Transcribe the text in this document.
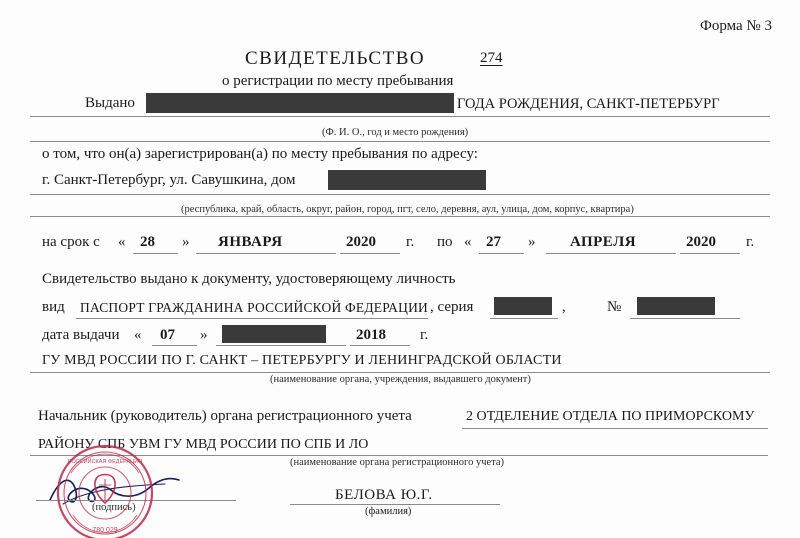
Форма № 3
СВИДЕТЕЛЬСТВО	274
о регистрации по месту пребывания
Выдано	ГОДА РОЖДЕНИЯ, САНКТ-ПЕТЕРБУРГ
(Ф. И. О., год и место рождения)
о том, что он(а) зарегистрирован(а) по месту пребывания по адресу:
г. Санкт-Петербург, ул. Савушкина, дом
(республика, край, область, округ, район, город, пгт, село, деревня, аул, улица, дом, корпус, квартира)
на срок с « 28 » ЯНВАРЯ	2020 г. по « 27 » АПРЕЛЯ	2020 г.
Свидетельство выдано к документу, удостоверяющему личность
вид ПАСПОРТ ГРАЖДАНИНА РОССИЙСКОЙ ФЕДЕРАЦИИ , серия	,	№
дата выдачи « 07 »	2018 г.
ГУ МВД РОССИИ ПО Г. САНКТ – ПЕТЕРБУРГУ И ЛЕНИНГРАДСКОЙ ОБЛАСТИ
(наименование органа, учреждения, выдавшего документ)
Начальник (руководитель) органа регистрационного учета	2 ОТДЕЛЕНИЕ ОТДЕЛА ПО ПРИМОРСКОМУ
РАЙОНУ СПБ УВМ ГУ МВД РОССИИ ПО СПБ И ЛО
(наименование органа регистрационного учета)
(подпись)
БЕЛОВА Ю.Г.
(фамилия)
РОССИЙСКАЯ ФЕДЕРАЦИЯ
780 029
